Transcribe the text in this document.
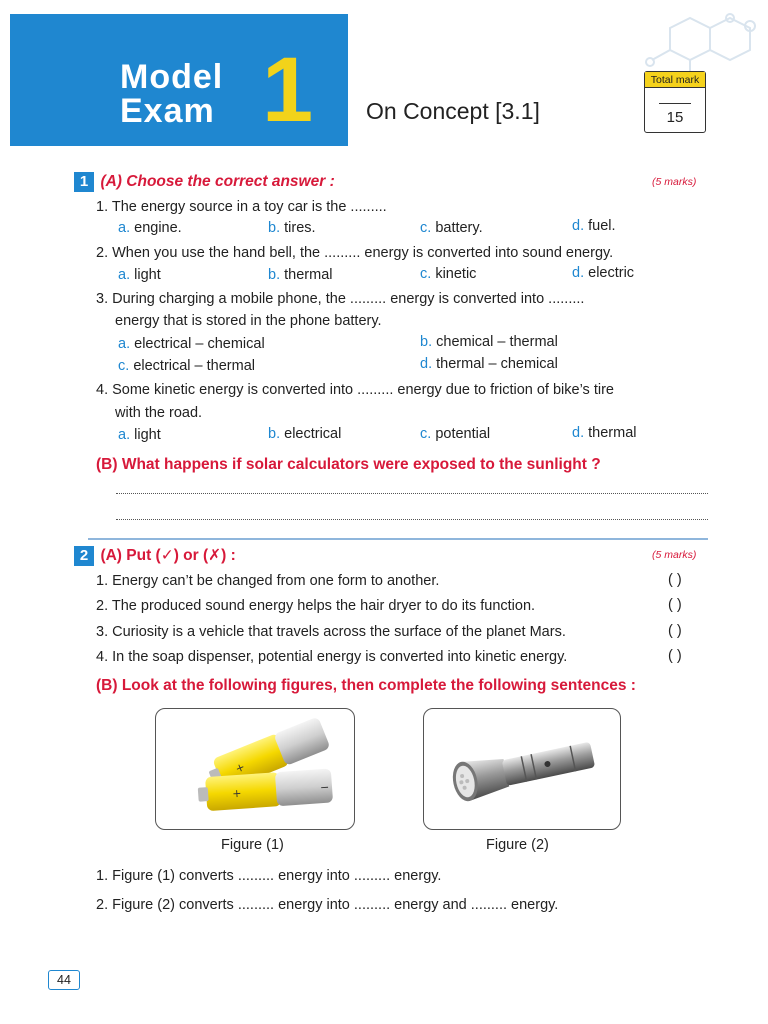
Model
Exam 1 On Concept [3.1]
Total mark
15
1 (A) Choose the correct answer :	(5 marks)
1. The energy source in a toy car is the .........
a. engine.	b. tires.	c. battery.	d. fuel.
2. When you use the hand bell, the ......... energy is converted into sound energy.
a. light	b. thermal	c. kinetic	d. electric
3. During charging a mobile phone, the ......... energy is converted into .........
energy that is stored in the phone battery.
a. electrical – chemical	b. chemical – thermal
c. electrical – thermal	d. thermal – chemical
4. Some kinetic energy is converted into ......... energy due to friction of bike’s tire
with the road.
a. light	b. electrical	c. potential	d. thermal
(B) What happens if solar calculators were exposed to the sunlight ?
2 (A) Put (✓) or (✗) :	(5 marks)
1. Energy can’t be changed from one form to another.	( )
2. The produced sound energy helps the hair dryer to do its function.	( )
3. Curiosity is a vehicle that travels across the surface of the planet Mars.	( )
4. In the soap dispenser, potential energy is converted into kinetic energy.	( )
(B) Look at the following figures, then complete the following sentences :
+
+	−
Figure (1)	Figure (2)
1. Figure (1) converts ......... energy into ......... energy.
2. Figure (2) converts ......... energy into ......... energy and ......... energy.
44
